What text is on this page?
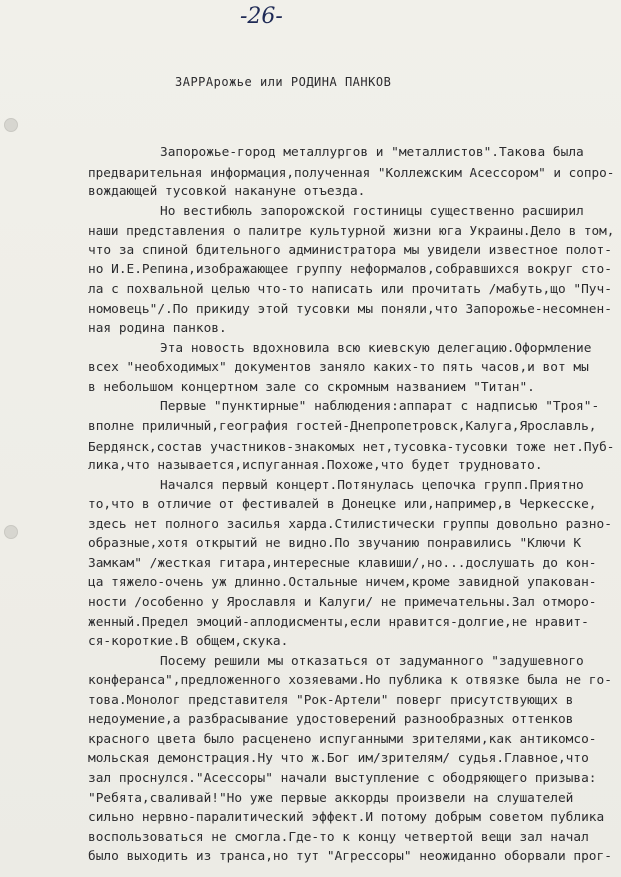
-26-
ЗАРРАрожье или РОДИНА ПАНКОВ
Запорожье-город металлургов и "металлистов".Такова была
предварительная информация,полученная "Коллежским Асессором" и сопро-
вождающей тусовкой накануне отъезда.
Но вестибюль запорожской гостиницы существенно расширил
наши представления о палитре культурной жизни юга Украины.Дело в том,
что за спиной бдительного администратора мы увидели известное полот-
но И.Е.Репина,изображающее группу неформалов,собравшихся вокруг сто-
ла с похвальной целью что-то написать или прочитать /мабуть,що "Пуч-
номовець"/.По прикиду этой тусовки мы поняли,что Запорожье-несомнен-
ная родина панков.
Эта новость вдохновила всю киевскую делегацию.Оформление
всех "необходимых" документов заняло каких-то пять часов,и вот мы
в небольшом концертном зале со скромным названием "Титан".
Первые "пунктирные" наблюдения:аппарат с надписью "Троя"-
вполне приличный,география гостей-Днепропетровск,Калуга,Ярославль,
Бердянск,состав участников-знакомых нет,тусовка-тусовки тоже нет.Пуб-
лика,что называется,испуганная.Похоже,что будет трудновато.
Начался первый концерт.Потянулась цепочка групп.Приятно
то,что в отличие от фестивалей в Донецке или,например,в Черкесске,
здесь нет полного засилья харда.Стилистически группы довольно разно-
образные,хотя открытий не видно.По звучанию понравились "Ключи К
Замкам" /жесткая гитара,интересные клавиши/,но...дослушать до кон-
ца тяжело-очень уж длинно.Остальные ничем,кроме завидной упакован-
ности /особенно у Ярославля и Калуги/ не примечательны.Зал отморо-
женный.Предел эмоций-аплодисменты,если нравится-долгие,не нравит-
ся-короткие.В общем,скука.
Посему решили мы отказаться от задуманного "задушевного
конферанса",предложенного хозяевами.Но публика к отвязке была не го-
това.Монолог представителя "Рок-Артели" поверг присутствующих в
недоумение,а разбрасывание удостоверений разнообразных оттенков
красного цвета было расценено испуганными зрителями,как антикомсо-
мольская демонстрация.Ну что ж.Бог им/зрителям/ судья.Главное,что
зал проснулся."Асессоры" начали выступление с ободряющего призыва:
"Ребята,сваливай!"Но уже первые аккорды произвели на слушателей
сильно нервно-паралитический эффект.И потому добрым советом публика
воспользоваться не смогла.Где-то к концу четвертой вещи зал начал
было выходить из транса,но тут "Агрессоры" неожиданно оборвали прог-
